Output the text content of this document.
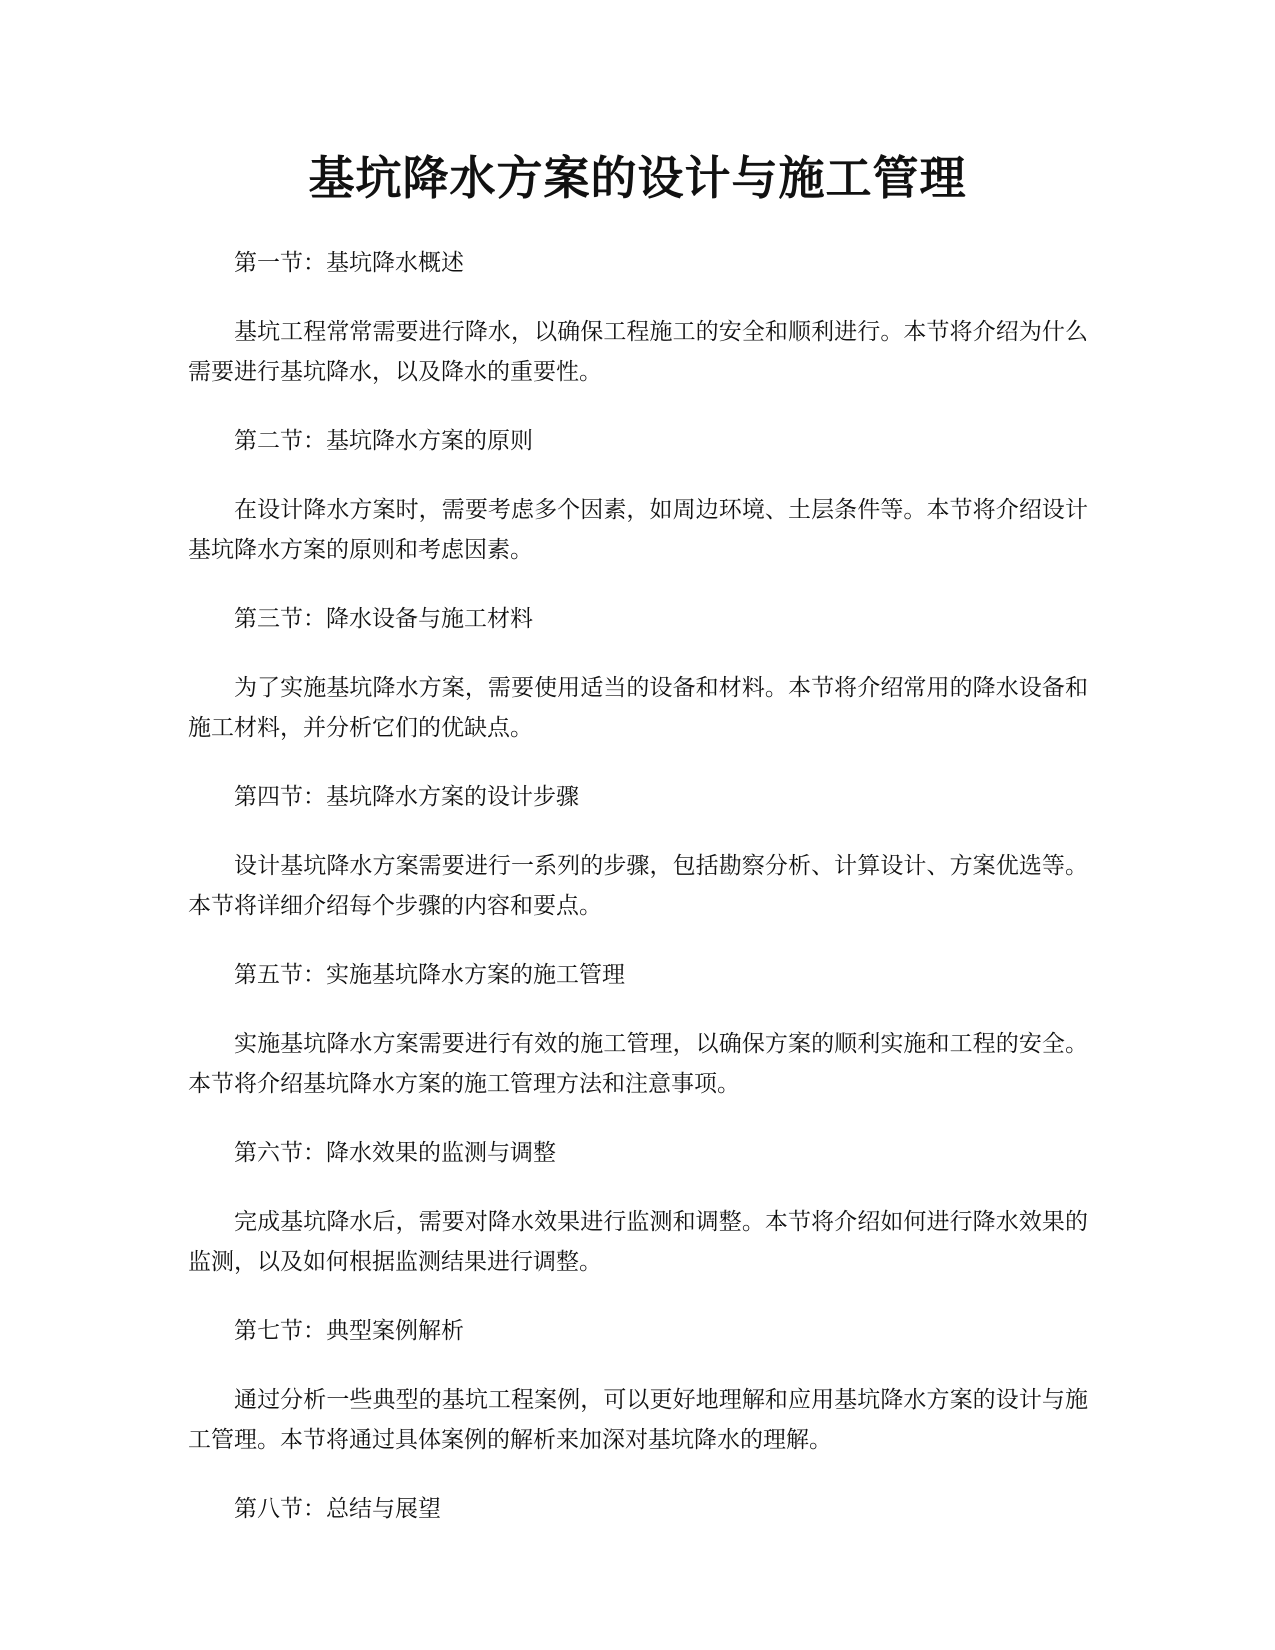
基坑降水方案的设计与施工管理

第一节：基坑降水概述

基坑工程常常需要进行降水，以确保工程施工的安全和顺利进行。本节将介绍为什么需要进行基坑降水，以及降水的重要性。

第二节：基坑降水方案的原则

在设计降水方案时，需要考虑多个因素，如周边环境、土层条件等。本节将介绍设计基坑降水方案的原则和考虑因素。

第三节：降水设备与施工材料

为了实施基坑降水方案，需要使用适当的设备和材料。本节将介绍常用的降水设备和施工材料，并分析它们的优缺点。

第四节：基坑降水方案的设计步骤

设计基坑降水方案需要进行一系列的步骤，包括勘察分析、计算设计、方案优选等。本节将详细介绍每个步骤的内容和要点。

第五节：实施基坑降水方案的施工管理

实施基坑降水方案需要进行有效的施工管理，以确保方案的顺利实施和工程的安全。本节将介绍基坑降水方案的施工管理方法和注意事项。

第六节：降水效果的监测与调整

完成基坑降水后，需要对降水效果进行监测和调整。本节将介绍如何进行降水效果的监测，以及如何根据监测结果进行调整。

第七节：典型案例解析

通过分析一些典型的基坑工程案例，可以更好地理解和应用基坑降水方案的设计与施工管理。本节将通过具体案例的解析来加深对基坑降水的理解。

第八节：总结与展望
